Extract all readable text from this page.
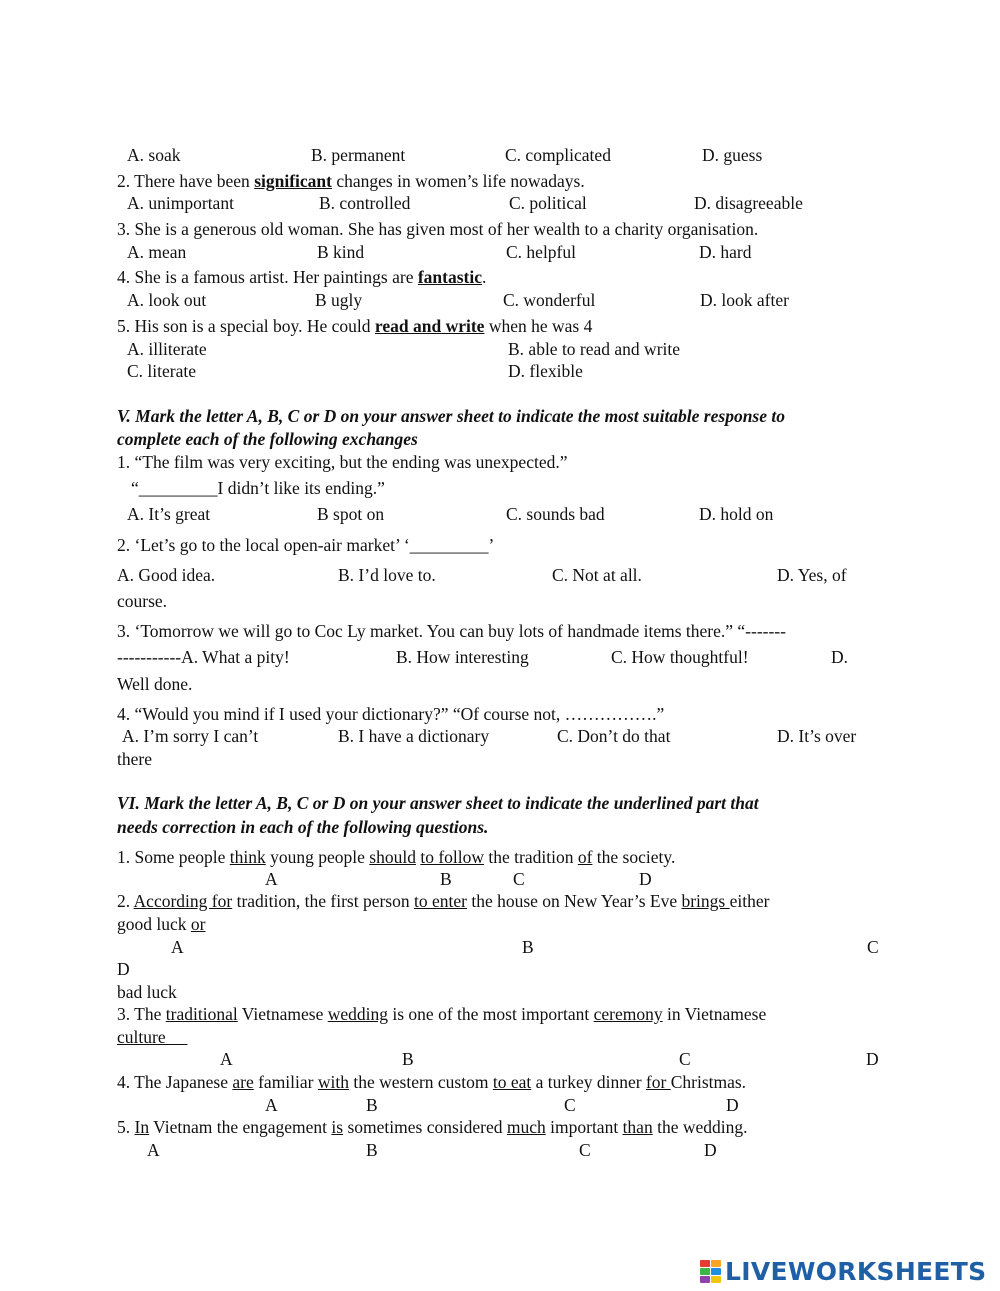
A. soak	B. permanent	C. complicated	D. guess
2. There have been significant changes in women’s life nowadays.
A. unimportant	B. controlled	C. political	D. disagreeable
3. She is a generous old woman. She has given most of her wealth to a charity organisation.
A. mean	B kind	C. helpful	D. hard
4. She is a famous artist. Her paintings are fantastic.
A. look out	B ugly	C. wonderful	D. look after
5. His son is a special boy. He could read and write when he was 4
A. illiterate	B. able to read and write
C. literate	D. flexible
V. Mark the letter A, B, C or D on your answer sheet to indicate the most suitable response to
complete each of the following exchanges
1. “The film was very exciting, but the ending was unexpected.”
“_________I didn’t like its ending.”
A. It’s great	B spot on	C. sounds bad	D. hold on
2. ‘Let’s go to the local open-air market’ ‘_________’
A. Good idea.	B. I’d love to.	C. Not at all.	D. Yes, of
course.
3. ‘Tomorrow we will go to Coc Ly market. You can buy lots of handmade items there.” “-------
-----------A. What a pity!	B. How interesting	C. How thoughtful!	D.
Well done.
4. “Would you mind if I used your dictionary?” “Of course not, …………….”
A. I’m sorry I can’t	B. I have a dictionary	C. Don’t do that	D. It’s over
there
VI. Mark the letter A, B, C or D on your answer sheet to indicate the underlined part that
needs correction in each of the following questions.
1. Some people think young people should to follow the tradition of the society.
A	B	C	D
2. According for tradition, the first person to enter the house on New Year’s Eve brings either
good luck or
A	B	C
D
bad luck
3. The traditional Vietnamese wedding is one of the most important ceremony in Vietnamese
culture
A	B	C	D
4. The Japanese are familiar with the western custom to eat a turkey dinner for Christmas.
A	B	C	D
5. In Vietnam the engagement is sometimes considered much important than the wedding.
A	B	C	D
LIVEWORKSHEETS
